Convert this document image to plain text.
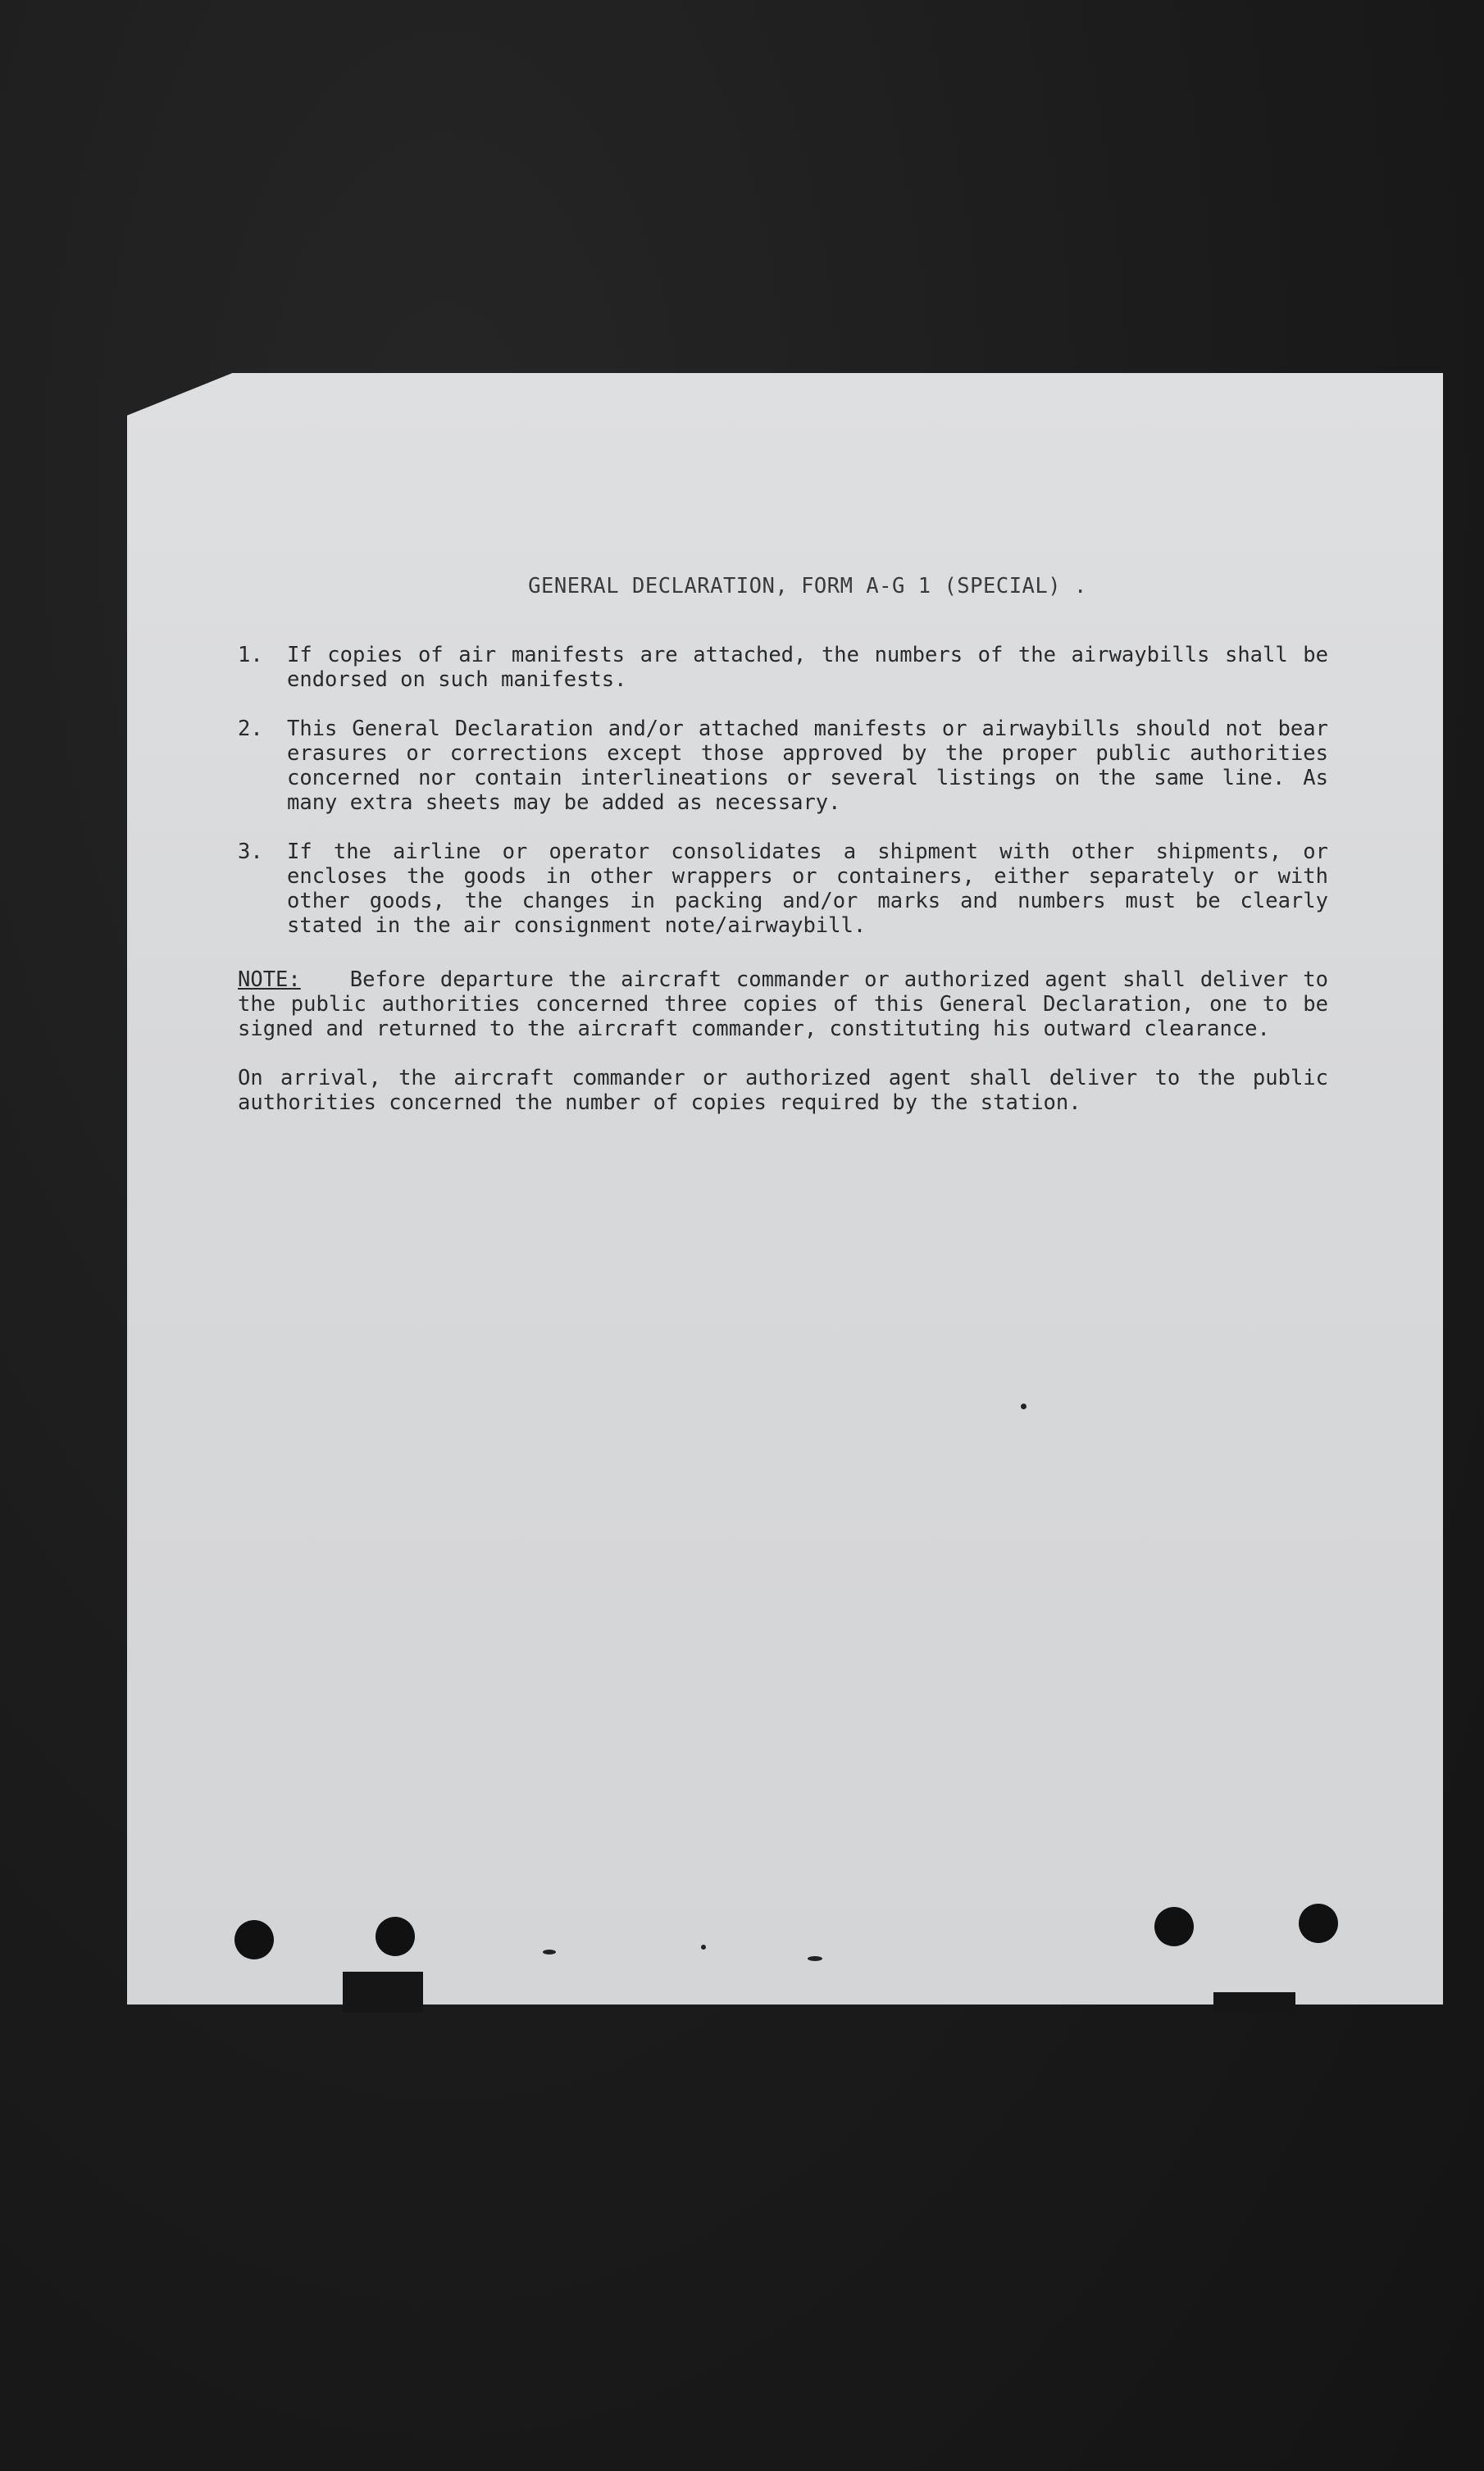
GENERAL DECLARATION, FORM A-G 1 (SPECIAL) .
1.	If copies of air manifests are attached, the numbers of the airwaybills shall be endorsed on such manifests.
2.	This General Declaration and/or attached manifests or airwaybills should not bear erasures or corrections except those approved by the proper public authorities concerned nor contain interlineations or several listings on the same line. As many extra sheets may be added as necessary.
3.	If the airline or operator consolidates a shipment with other shipments, or encloses the goods in other wrappers or containers, either separately or with other goods, the changes in packing and/or marks and numbers must be clearly stated in the air consignment note/airwaybill.
NOTE: Before departure the aircraft commander or authorized agent shall deliver to the public authorities concerned three copies of this General Declaration, one to be signed and returned to the aircraft commander, constituting his outward clearance.
On arrival, the aircraft commander or authorized agent shall deliver to the public authorities concerned the number of copies required by the station.
